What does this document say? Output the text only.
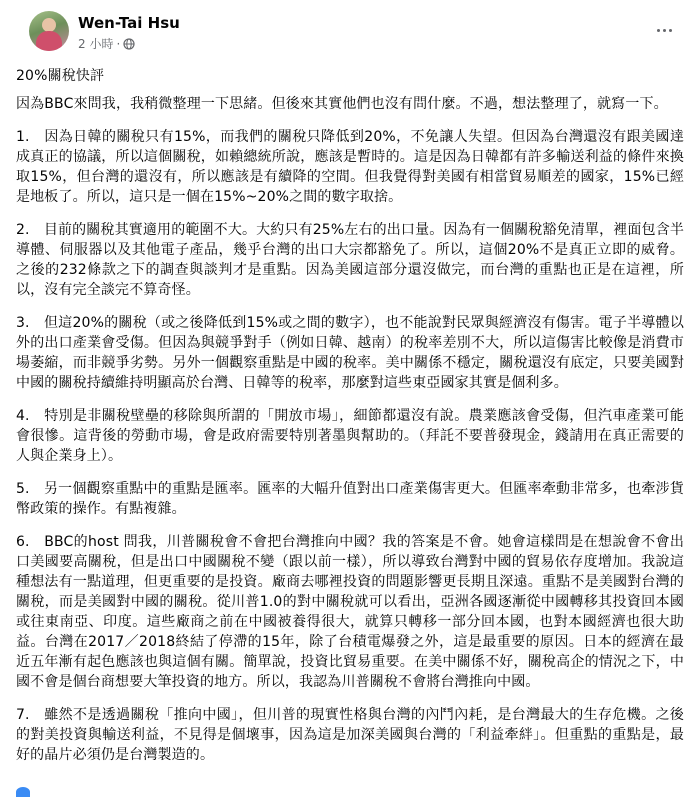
Wen-Tai Hsu
2 小時 ·

20%關稅快評

因為BBC來問我，我稍微整理一下思緒。但後來其實他們也沒有問什麼。不過，想法整理了，就寫一下。

1.　因為日韓的關稅只有15%，而我們的關稅只降低到20%，不免讓人失望。但因為台灣還沒有跟美國達成真正的協議，所以這個關稅，如賴總統所說，應該是暫時的。這是因為日韓都有許多輸送利益的條件來換取15%，但台灣的還沒有，所以應該是有續降的空間。但我覺得對美國有相當貿易順差的國家，15%已經是地板了。所以，這只是一個在15%~20%之間的數字取捨。

2.　目前的關稅其實適用的範圍不大。大約只有25%左右的出口量。因為有一個關稅豁免清單，裡面包含半導體、伺服器以及其他電子產品，幾乎台灣的出口大宗都豁免了。所以，這個20%不是真正立即的威脅。之後的232條款之下的調查與談判才是重點。因為美國這部分還沒做完，而台灣的重點也正是在這裡，所以，沒有完全談完不算奇怪。

3.　但這20%的關稅（或之後降低到15%或之間的數字），也不能說對民眾與經濟沒有傷害。電子半導體以外的出口產業會受傷。但因為與競爭對手（例如日韓、越南）的稅率差別不大，所以這傷害比較像是消費市場萎縮，而非競爭劣勢。另外一個觀察重點是中國的稅率。美中關係不穩定，關稅還沒有底定，只要美國對中國的關稅持續維持明顯高於台灣、日韓等的稅率，那麼對這些東亞國家其實是個利多。

4.　特別是非關稅壁壘的移除與所謂的「開放市場」，細節都還沒有說。農業應該會受傷，但汽車產業可能會很慘。這背後的勞動市場，會是政府需要特別著墨與幫助的。（拜託不要普發現金，錢請用在真正需要的人與企業身上）。

5.　另一個觀察重點中的重點是匯率。匯率的大幅升值對出口產業傷害更大。但匯率牽動非常多，也牽涉貨幣政策的操作。有點複雜。

6.　BBC的host 問我，川普關稅會不會把台灣推向中國？我的答案是不會。她會這樣問是在想說會不會出口美國要高關稅，但是出口中國關稅不變（跟以前一樣），所以導致台灣對中國的貿易依存度增加。我說這種想法有一點道理，但更重要的是投資。廠商去哪裡投資的問題影響更長期且深遠。重點不是美國對台灣的關稅，而是美國對中國的關稅。從川普1.0的對中關稅就可以看出，亞洲各國逐漸從中國轉移其投資回本國或往東南亞、印度。這些廠商之前在中國被養得很大，就算只轉移一部分回本國，也對本國經濟也很大助益。台灣在2017／2018終結了停滯的15年，除了台積電爆發之外，這是最重要的原因。日本的經濟在最近五年漸有起色應該也與這個有關。簡單說，投資比貿易重要。在美中關係不好，關稅高企的情況之下，中國不會是個台商想要大筆投資的地方。所以，我認為川普關稅不會將台灣推向中國。

7.　雖然不是透過關稅「推向中國」，但川普的現實性格與台灣的內鬥內耗，是台灣最大的生存危機。之後的對美投資與輸送利益，不見得是個壞事，因為這是加深美國與台灣的「利益牽絆」。但重點的重點是，最好的晶片必須仍是台灣製造的。
